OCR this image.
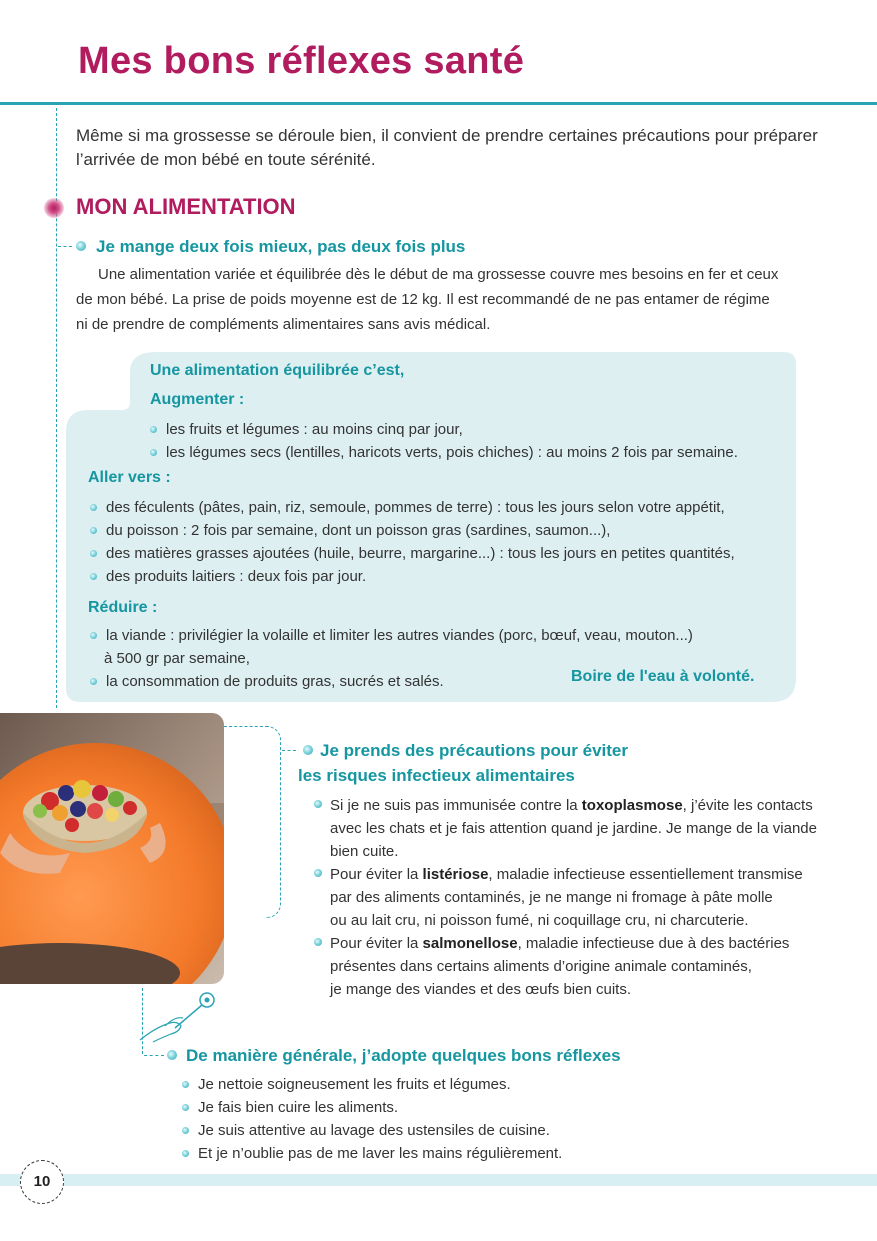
Mes bons réflexes santé
Même si ma grossesse se déroule bien, il convient de prendre certaines précautions pour préparer l’arrivée de mon bébé en toute sérénité.
MON ALIMENTATION
Je mange deux fois mieux, pas deux fois plus
Une alimentation variée et équilibrée dès le début de ma grossesse couvre mes besoins en fer et ceux
de mon bébé. La prise de poids moyenne est de 12 kg. Il est recommandé de ne pas entamer de régime
ni de prendre de compléments alimentaires sans avis médical.
Une alimentation équilibrée c’est,
Augmenter :
les fruits et légumes : au moins cinq par jour,
les légumes secs (lentilles, haricots verts, pois chiches) : au moins 2 fois par semaine.
Aller vers :
des féculents (pâtes, pain, riz, semoule, pommes de terre) : tous les jours selon votre appétit,
du poisson : 2 fois par semaine, dont un poisson gras (sardines, saumon...),
des matières grasses ajoutées (huile, beurre, margarine...) : tous les jours en petites quantités,
des produits laitiers : deux fois par jour.
Réduire :
la viande : privilégier la volaille et limiter les autres viandes (porc, bœuf, veau, mouton...)
à 500 gr par semaine,
la consommation de produits gras, sucrés et salés.	Boire de l'eau à volonté.
Je prends des précautions pour éviter
les risques infectieux alimentaires
Si je ne suis pas immunisée contre la toxoplasmose, j’évite les contacts
avec les chats et je fais attention quand je jardine. Je mange de la viande
bien cuite.
Pour éviter la listériose, maladie infectieuse essentiellement transmise
par des aliments contaminés, je ne mange ni fromage à pâte molle
ou au lait cru, ni poisson fumé, ni coquillage cru, ni charcuterie.
Pour éviter la salmonellose, maladie infectieuse due à des bactéries
présentes dans certains aliments d’origine animale contaminés,
je mange des viandes et des œufs bien cuits.
De manière générale, j’adopte quelques bons réflexes
Je nettoie soigneusement les fruits et légumes.
Je fais bien cuire les aliments.
Je suis attentive au lavage des ustensiles de cuisine.
Et je n’oublie pas de me laver les mains régulièrement.
10
